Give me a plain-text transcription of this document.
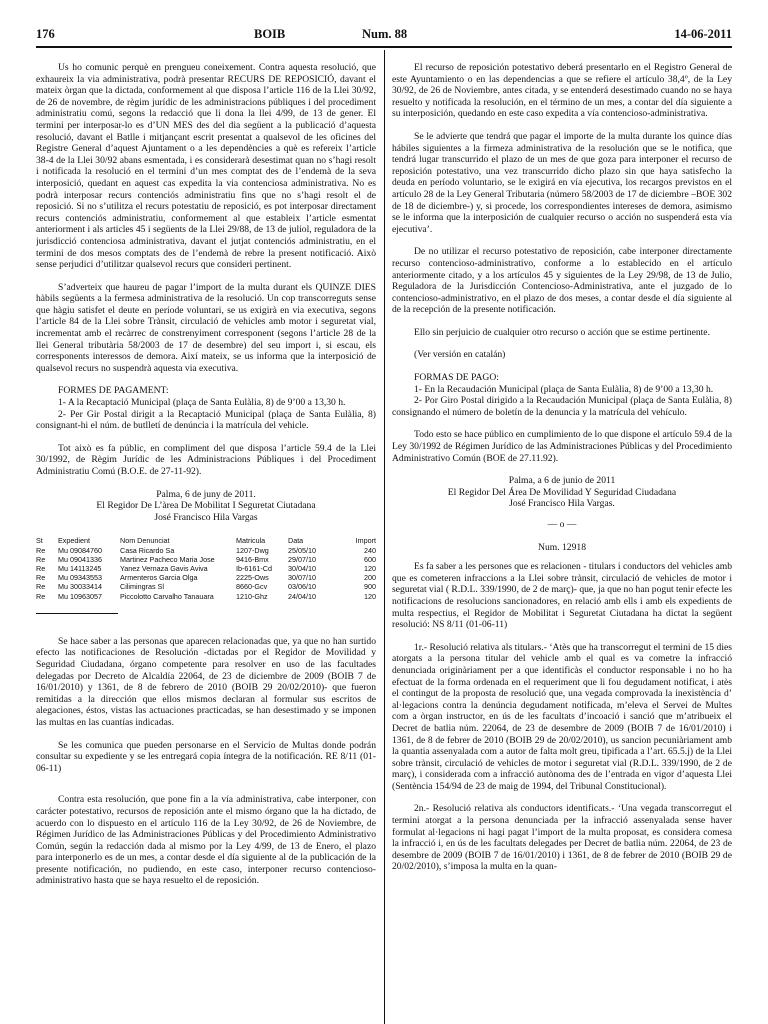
176	BOIB	Num. 88	14-06-2011

Us ho comunic perquè en prengueu coneixement. Contra aquesta resolució, que exhaureix la via administrativa, podrà presentar RECURS DE REPOSICIÓ, davant el mateix òrgan que la dictada, conformement al que disposa l’article 116 de la Llei 30/92, de 26 de novembre, de règim jurídic de les administracions públiques i del procediment administratiu comú, segons la redacció que li dona la llei 4/99, de 13 de gener. El termini per interposar-lo es d’UN MES des del dia següent a la publicació d’aquesta resolució, davant el Batlle i mitjançant escrit presentat a qualsevol de les oficines del Registre General d’aquest Ajuntament o a les dependències a què es refereix l’article 38-4 de la Llei 30/92 abans esmentada, i es considerarà desestimat quan no s’hagi resolt i notificada la resolució en el termini d’un mes comptat des de l’endemà de la seva interposició, quedant en aquest cas expedita la via contenciosa administrativa. No es podrà interposar recurs contenciós administratiu fins que no s’hagi resolt el de reposició. Si no s’utilitza el recurs potestatiu de reposició, es pot interposar directament recurs contenciós administratiu, conformement al que estableix l’article esmentat anteriorment i als articles 45 i següents de la Llei 29/88, de 13 de juliol, reguladora de la jurisdicció contenciosa administrativa, davant el jutjat contenciós administratiu, en el termini de dos mesos comptats des de l’endemà de rebre la present notificació. Això sense perjudici d’utilitzar qualsevol recurs que consideri pertinent.

S’adverteix que haureu de pagar l’import de la multa durant els QUINZE DIES hàbils següents a la fermesa administrativa de la resolució. Un cop transcorreguts sense que hàgiu satisfet el deute en període voluntari, se us exigirà en via executiva, segons l’article 84 de la Llei sobre Trànsit, circulació de vehicles amb motor i seguretat vial, incrementat amb el recàrrec de constrenyiment corresponent (segons l’article 28 de la llei General tributària 58/2003 de 17 de desembre) del seu import i, si escau, els corresponents interessos de demora. Així mateix, se us informa que la interposició de qualsevol recurs no suspendrà aquesta via executiva.

FORMES DE PAGAMENT:

1- A la Recaptació Municipal (plaça de Santa Eulàlia, 8) de 9’00 a 13,30 h.

2- Per Gir Postal dirigit a la Recaptació Municipal (plaça de Santa Eulàlia, 8) consignant-hi el núm. de butlletí de denúncia i la matrícula del vehicle.

Tot això es fa públic, en compliment del que disposa l’article 59.4 de la Llei 30/1992, de Règim Jurídic de les Administracions Públiques i del Procediment Administratiu Comú (B.O.E. de 27-11-92).

Palma, 6 de juny de 2011.
El Regidor De L’àrea De Mobilitat I Seguretat Ciutadana
José Francisco Hila Vargas
St	Expedient	Nom Denunciat	Matricula	Data	Import
Re	Mu 09084760	Casa Ricardo Sa	1207-Dwg	25/05/10	240
Re	Mu 09041336	Martinez Pacheco Maria Jose	9416-Bmx	29/07/10	600
Re	Mu 14113245	Yanez Vernaza Gavis Aviva	Ib-6161-Cd	30/04/10	120
Re	Mu 09343553	Armenteros Garcia Olga	2225-Ows	30/07/10	200
Re	Mu 30033414	Cilimingras Sl	8660-Gcv	03/06/10	900
Re	Mu 10963057	Piccolotto Carvalho Tanauara	1210-Ghz	24/04/10	120

Se hace saber a las personas que aparecen relacionadas que, ya que no han surtido efecto las notificaciones de Resolución -dictadas por el Regidor de Movilidad y Seguridad Ciudadana, órgano competente para resolver en uso de las facultades delegadas por Decreto de Alcaldía 22064, de 23 de diciembre de 2009 (BOIB 7 de 16/01/2010) y 1361, de 8 de febrero de 2010 (BOIB 29 20/02/2010)- que fueron remitidas a la dirección que ellos mismos declaran al formular sus escritos de alegaciones, éstos, vistas las actuaciones practicadas, se han desestimado y se imponen las multas en las cuantías indicadas.

Se les comunica que pueden personarse en el Servicio de Multas donde podrán consultar su expediente y se les entregará copia íntegra de la notificación. RE 8/11 (01-06-11)

Contra esta resolución, que pone fin a la vía administrativa, cabe interponer, con carácter potestativo, recursos de reposición ante el mismo órgano que la ha dictado, de acuerdo con lo dispuesto en el artículo 116 de la Ley 30/92, de 26 de Noviembre, de Régimen Jurídico de las Administraciones Públicas y del Procedimiento Administrativo Común, según la redacción dada al mismo por la Ley 4/99, de 13 de Enero, el plazo para interponerlo es de un mes, a contar desde el día siguiente al de la publicación de la presente notificación, no pudiendo, en este caso, interponer recurso contencioso-administrativo hasta que se haya resuelto el de reposición.

El recurso de reposición potestativo deberá presentarlo en el Registro General de este Ayuntamiento o en las dependencias a que se refiere el artículo 38,4º, de la Ley 30/92, de 26 de Noviembre, antes citada, y se entenderá desestimado cuando no se haya resuelto y notificada la resolución, en el término de un mes, a contar del día siguiente a su interposición, quedando en este caso expedita a vía contencioso-administrativa.

Se le advierte que tendrá que pagar el importe de la multa durante los quince días hábiles siguientes a la firmeza administrativa de la resolución que se le notifica, que tendrá lugar transcurrido el plazo de un mes de que goza para interponer el recurso de reposición potestativo, una vez transcurrido dicho plazo sin que haya satisfecho la deuda en período voluntario, se le exigirá en vía ejecutiva, los recargos previstos en el artículo 28 de la Ley General Tributaria (número 58/2003 de 17 de diciembre –BOE 302 de 18 de diciembre-) y, si procede, los correspondientes intereses de demora, asimismo se le informa que la interposición de cualquier recurso o acción no suspenderá esta vía ejecutiva’.

De no utilizar el recurso potestativo de reposición, cabe interponer directamente recurso contencioso-administrativo, conforme a lo establecido en el artículo anteriormente citado, y a los artículos 45 y siguientes de la Ley 29/98, de 13 de Julio, Reguladora de la Jurisdicción Contencioso-Administrativa, ante el juzgado de lo contencioso-administrativo, en el plazo de dos meses, a contar desde el día siguiente al de la recepción de la presente notificación.

Ello sin perjuicio de cualquier otro recurso o acción que se estime pertinente.

(Ver versión en catalán)

FORMAS DE PAGO:

1- En la Recaudación Municipal (plaça de Santa Eulàlia, 8) de 9’00 a 13,30 h.

2- Por Giro Postal dirigido a la Recaudación Municipal (plaça de Santa Eulàlia, 8) consignando el número de boletín de la denuncia y la matrícula del vehículo.

Todo esto se hace público en cumplimiento de lo que dispone el artículo 59.4 de la Ley 30/1992 de Régimen Jurídico de las Administraciones Públicas y del Procedimiento Administrativo Común (BOE de 27.11.92).

Palma, a 6 de junio de 2011
El Regidor Del Área De Movilidad Y Seguridad Ciudadana
José Francisco Hila Vargas.
— o —
Num. 12918

Es fa saber a les persones que es relacionen - titulars i conductors del vehicles amb que es cometeren infraccions a la Llei sobre trànsit, circulació de vehicles de motor i seguretat vial ( R.D.L. 339/1990, de 2 de març)- que, ja que no han pogut tenir efecte les notificacions de resolucions sancionadores, en relació amb ells i amb els expedients de multa respectius, el Regidor de Mobilitat i Seguretat Ciutadana ha dictat la següent resolució: NS 8/11 (01-06-11)

1r.- Resolució relativa als titulars.- ‘Atès que ha transcorregut el termini de 15 dies atorgats a la persona titular del vehicle amb el qual es va cometre la infracció denunciada originàriament per a que identificàs el conductor responsable i no ho ha efectuat de la forma ordenada en el requeriment que li fou degudament notificat, i atès el contingut de la proposta de resolució que, una vegada comprovada la inexistència d’ al·legacions contra la denúncia degudament notificada, m’eleva el Servei de Multes com a òrgan instructor, en ús de les facultats d’incoació i sanció que m’atribueix el Decret de batlia núm. 22064, de 23 de desembre de 2009 (BOIB 7 de 16/01/2010) i 1361, de 8 de febrer de 2010 (BOIB 29 de 20/02/2010), us sancion pecuniàriament amb la quantia assenyalada com a autor de falta molt greu, tipificada a l’art. 65.5.j) de la Llei sobre trànsit, circulació de vehicles de motor i seguretat vial (R.D.L. 339/1990, de 2 de març), i considerada com a infracció autònoma des de l’entrada en vigor d’aquesta Llei (Sentència 154/94 de 23 de maig de 1994, del Tribunal Constitucional).

2n.- Resolució relativa als conductors identificats.- ‘Una vegada transcorregut el termini atorgat a la persona denunciada per la infracció assenyalada sense haver formulat al·legacions ni hagi pagat l’import de la multa proposat, es considera comesa la infracció i, en ús de les facultats delegades per Decret de batlia núm. 22064, de 23 de desembre de 2009 (BOIB 7 de 16/01/2010) i 1361, de 8 de febrer de 2010 (BOIB 29 de 20/02/2010), s’imposa la multa en la quan-
